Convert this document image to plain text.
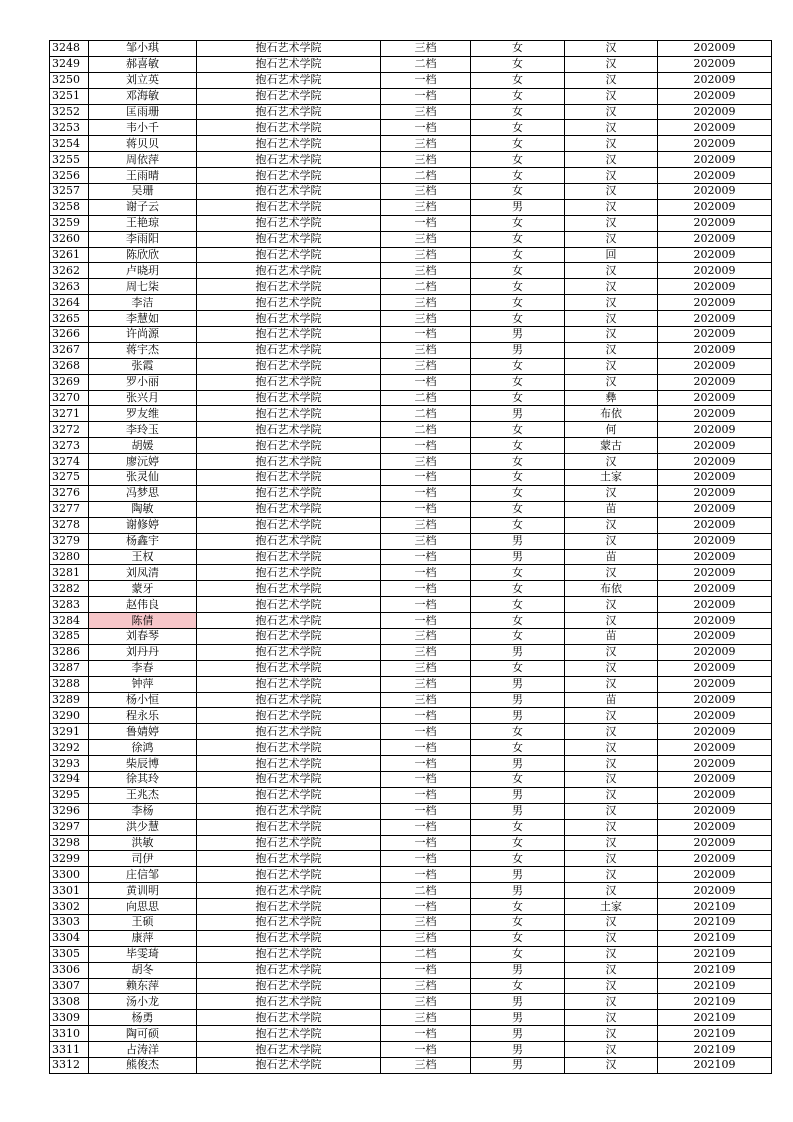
3248	邹小琪	抱石艺术学院	三档	女	汉	202009
3249	郝喜敏	抱石艺术学院	二档	女	汉	202009
3250	刘立英	抱石艺术学院	一档	女	汉	202009
3251	邓海敏	抱石艺术学院	一档	女	汉	202009
3252	匡雨珊	抱石艺术学院	三档	女	汉	202009
3253	韦小千	抱石艺术学院	一档	女	汉	202009
3254	蒋贝贝	抱石艺术学院	三档	女	汉	202009
3255	周依萍	抱石艺术学院	三档	女	汉	202009
3256	王雨晴	抱石艺术学院	二档	女	汉	202009
3257	吴珊	抱石艺术学院	三档	女	汉	202009
3258	谢子云	抱石艺术学院	三档	男	汉	202009
3259	王艳琼	抱石艺术学院	一档	女	汉	202009
3260	李雨阳	抱石艺术学院	三档	女	汉	202009
3261	陈欣欣	抱石艺术学院	三档	女	回	202009
3262	卢晓玥	抱石艺术学院	三档	女	汉	202009
3263	周七柒	抱石艺术学院	二档	女	汉	202009
3264	李洁	抱石艺术学院	三档	女	汉	202009
3265	李慧如	抱石艺术学院	三档	女	汉	202009
3266	许尚源	抱石艺术学院	一档	男	汉	202009
3267	蒋宇杰	抱石艺术学院	三档	男	汉	202009
3268	张霞	抱石艺术学院	三档	女	汉	202009
3269	罗小丽	抱石艺术学院	一档	女	汉	202009
3270	张兴月	抱石艺术学院	二档	女	彝	202009
3271	罗友维	抱石艺术学院	二档	男	布依	202009
3272	李玲玉	抱石艺术学院	二档	女	何	202009
3273	胡媛	抱石艺术学院	一档	女	蒙古	202009
3274	廖沅婷	抱石艺术学院	三档	女	汉	202009
3275	张灵仙	抱石艺术学院	一档	女	土家	202009
3276	冯梦思	抱石艺术学院	一档	女	汉	202009
3277	陶敏	抱石艺术学院	一档	女	苗	202009
3278	谢修婷	抱石艺术学院	三档	女	汉	202009
3279	杨鑫宇	抱石艺术学院	三档	男	汉	202009
3280	王权	抱石艺术学院	一档	男	苗	202009
3281	刘凤清	抱石艺术学院	一档	女	汉	202009
3282	蒙牙	抱石艺术学院	一档	女	布依	202009
3283	赵伟良	抱石艺术学院	一档	女	汉	202009
3284	陈倩	抱石艺术学院	一档	女	汉	202009
3285	刘春琴	抱石艺术学院	三档	女	苗	202009
3286	刘丹丹	抱石艺术学院	三档	男	汉	202009
3287	李春	抱石艺术学院	三档	女	汉	202009
3288	钟萍	抱石艺术学院	三档	男	汉	202009
3289	杨小恒	抱石艺术学院	三档	男	苗	202009
3290	程永乐	抱石艺术学院	一档	男	汉	202009
3291	鲁婧婷	抱石艺术学院	一档	女	汉	202009
3292	徐鸿	抱石艺术学院	一档	女	汉	202009
3293	柴辰博	抱石艺术学院	一档	男	汉	202009
3294	徐其玲	抱石艺术学院	一档	女	汉	202009
3295	王兆杰	抱石艺术学院	一档	男	汉	202009
3296	李杨	抱石艺术学院	一档	男	汉	202009
3297	洪少慧	抱石艺术学院	一档	女	汉	202009
3298	洪敏	抱石艺术学院	一档	女	汉	202009
3299	司伊	抱石艺术学院	一档	女	汉	202009
3300	庄信邹	抱石艺术学院	一档	男	汉	202009
3301	黄训明	抱石艺术学院	二档	男	汉	202009
3302	向思思	抱石艺术学院	一档	女	土家	202109
3303	王硕	抱石艺术学院	三档	女	汉	202109
3304	康萍	抱石艺术学院	三档	女	汉	202109
3305	毕雯琦	抱石艺术学院	二档	女	汉	202109
3306	胡冬	抱石艺术学院	一档	男	汉	202109
3307	赖东萍	抱石艺术学院	三档	女	汉	202109
3308	汤小龙	抱石艺术学院	三档	男	汉	202109
3309	杨勇	抱石艺术学院	三档	男	汉	202109
3310	陶可硕	抱石艺术学院	一档	男	汉	202109
3311	占涛洋	抱石艺术学院	一档	男	汉	202109
3312	熊俊杰	抱石艺术学院	三档	男	汉	202109
